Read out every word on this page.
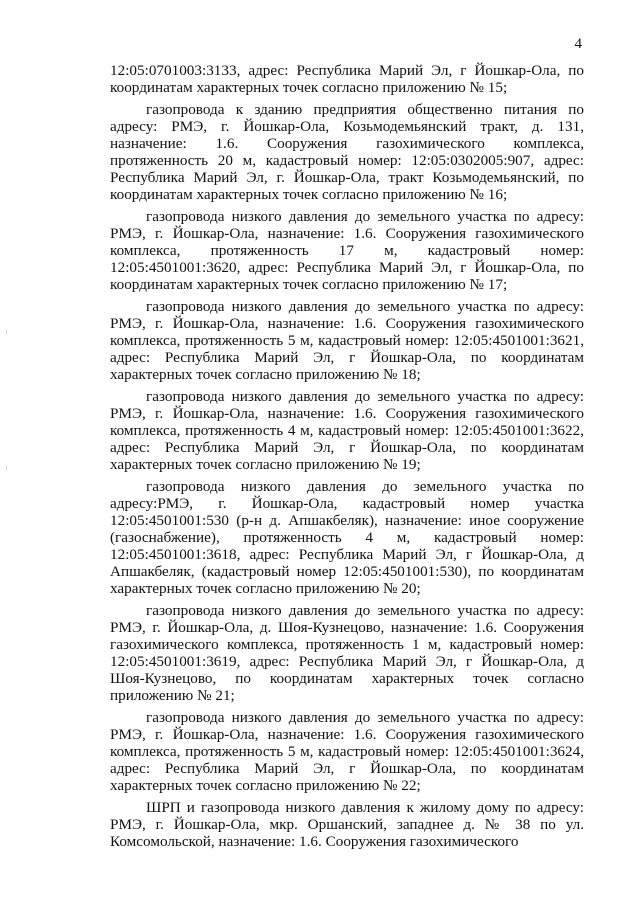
4

12:05:0701003:3133, адрес: Республика Марий Эл, г Йошкар-Ола, по координатам характерных точек согласно приложению № 15;

газопровода к зданию предприятия общественно питания по адресу: РМЭ, г. Йошкар-Ола, Козьмодемьянский тракт, д. 131, назначение: 1.6. Сооружения газохимического комплекса, протяженность 20 м, кадастровый номер: 12:05:0302005:907, адрес: Республика Марий Эл, г. Йошкар-Ола, тракт Козьмодемьянский, по координатам характерных точек согласно приложению № 16;

газопровода низкого давления до земельного участка по адресу: РМЭ, г. Йошкар-Ола, назначение: 1.6. Сооружения газохимического комплекса, протяженность 17 м, кадастровый номер: 12:05:4501001:3620, адрес: Республика Марий Эл, г Йошкар-Ола, по координатам характерных точек согласно приложению № 17;

газопровода низкого давления до земельного участка по адресу: РМЭ, г. Йошкар-Ола, назначение: 1.6. Сооружения газохимического комплекса, протяженность 5 м, кадастровый номер: 12:05:4501001:3621, адрес: Республика Марий Эл, г Йошкар-Ола, по координатам характерных точек согласно приложению № 18;

газопровода низкого давления до земельного участка по адресу: РМЭ, г. Йошкар-Ола, назначение: 1.6. Сооружения газохимического комплекса, протяженность 4 м, кадастровый номер: 12:05:4501001:3622, адрес: Республика Марий Эл, г Йошкар-Ола, по координатам характерных точек согласно приложению № 19;

газопровода низкого давления до земельного участка по адресу:РМЭ, г. Йошкар-Ола, кадастровый номер участка 12:05:4501001:530 (р-н д. Апшакбеляк), назначение: иное сооружение (газоснабжение), протяженность 4 м, кадастровый номер: 12:05:4501001:3618, адрес: Республика Марий Эл, г Йошкар-Ола, д Апшакбеляк, (кадастровый номер 12:05:4501001:530), по координатам характерных точек согласно приложению № 20;

газопровода низкого давления до земельного участка по адресу: РМЭ, г. Йошкар-Ола, д. Шоя-Кузнецово, назначение: 1.6. Сооружения газохимического комплекса, протяженность 1 м, кадастровый номер: 12:05:4501001:3619, адрес: Республика Марий Эл, г Йошкар-Ола, д Шоя-Кузнецово, по координатам характерных точек согласно приложению № 21;

газопровода низкого давления до земельного участка по адресу: РМЭ, г. Йошкар-Ола, назначение: 1.6. Сооружения газохимического комплекса, протяженность 5 м, кадастровый номер: 12:05:4501001:3624, адрес: Республика Марий Эл, г Йошкар-Ола, по координатам характерных точек согласно приложению № 22;

ШРП и газопровода низкого давления к жилому дому по адресу: РМЭ, г. Йошкар-Ола, мкр. Оршанский, западнее д. № 38 по ул. Комсомольской, назначение: 1.6. Сооружения газохимического
